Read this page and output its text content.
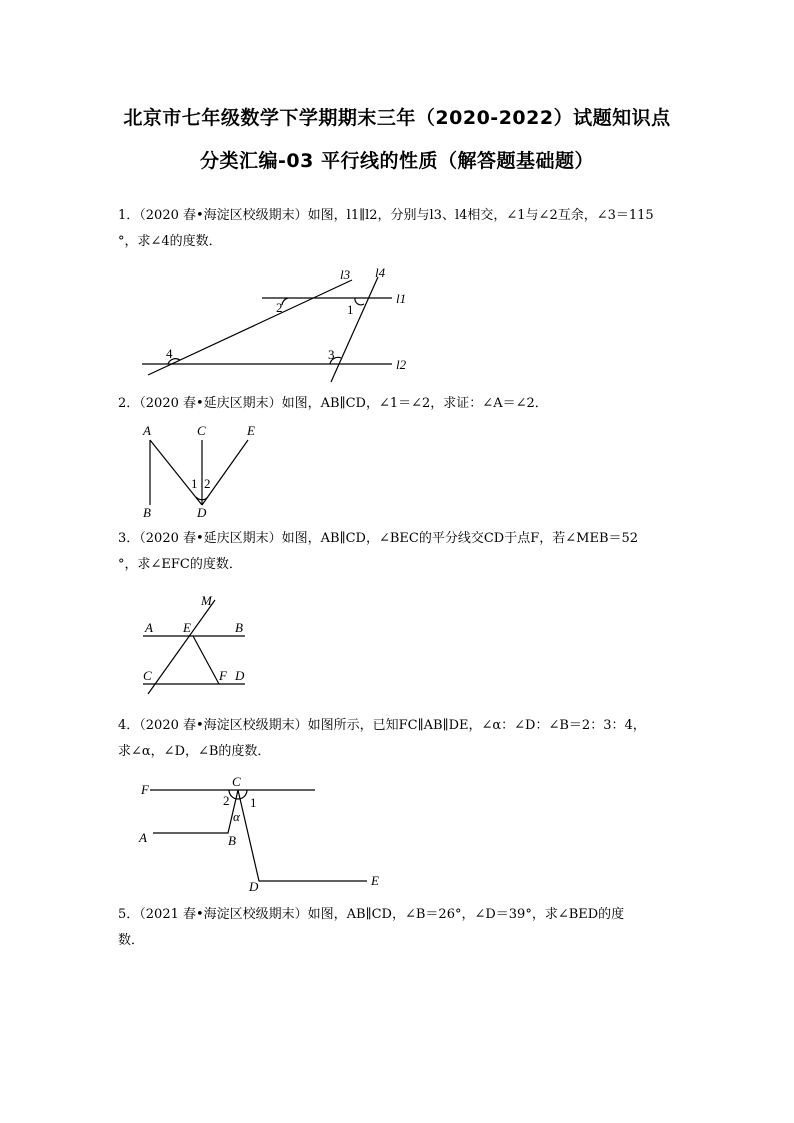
北京市七年级数学下学期期末三年（2020-2022）试题知识点
分类汇编-03 平行线的性质（解答题基础题）
1．（2020 春•海淀区校级期末）如图，l1∥l2，分别与l3、l4相交，∠1与∠2互余，∠3＝115
°，求∠4的度数．
l3 l4
l1
l2
2	1
3
4
2．（2020 春•延庆区期末）如图，AB∥CD，∠1＝∠2，求证：∠A＝∠2．
A	C	E
B	D
1 2
3．（2020 春•延庆区期末）如图，AB∥CD，∠BEC的平分线交CD于点F，若∠MEB＝52
°，求∠EFC的度数．
M
A E	B
C	F D
4．（2020 春•海淀区校级期末）如图所示，已知FC∥AB∥DE，∠α：∠D：∠B＝2：3：4，
求∠α，∠D，∠B的度数．
F
C
2 1
α
A	B
D	E
5．（2021 春•海淀区校级期末）如图，AB∥CD，∠B＝26°，∠D＝39°，求∠BED的度
数．
